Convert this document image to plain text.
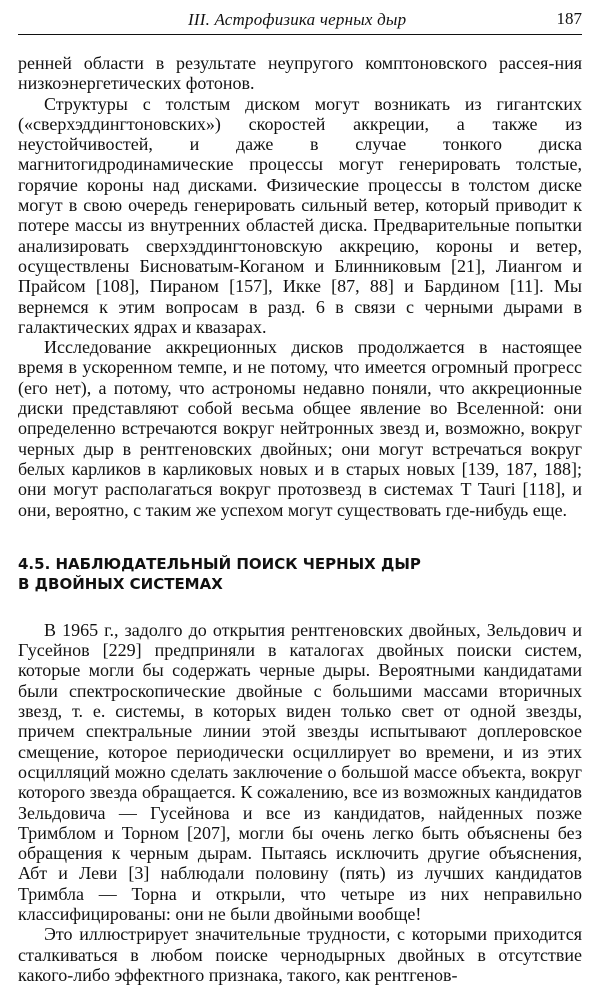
III. Астрофизика черных дыр	187

ренней области в результате неупругого комптоновского рассея-ния низкоэнергетических фотонов.

Структуры с толстым диском могут возникать из гигантских («сверхэддингтоновских») скоростей аккреции, а также из неустойчивостей, и даже в случае тонкого диска магнитогидродинамические процессы могут генерировать толстые, горячие короны над дисками. Физические процессы в толстом диске могут в свою очередь генерировать сильный ветер, который приводит к потере массы из внутренних областей диска. Предварительные попытки анализировать сверхэддингтоновскую аккрецию, короны и ветер, осуществлены Бисноватым-Коганом и Блинниковым [21], Лиангом и Прайсом [108], Пираном [157], Икке [87, 88] и Бардином [11]. Мы вернемся к этим вопросам в разд. 6 в связи с черными дырами в галактических ядрах и квазарах.

Исследование аккреционных дисков продолжается в настоящее время в ускоренном темпе, и не потому, что имеется огромный прогресс (его нет), а потому, что астрономы недавно поняли, что аккреционные диски представляют собой весьма общее явление во Вселенной: они определенно встречаются вокруг нейтронных звезд и, возможно, вокруг черных дыр в рентгеновских двойных; они могут встречаться вокруг белых карликов в карликовых новых и в старых новых [139, 187, 188]; они могут располагаться вокруг протозвезд в системах T Tauri [118], и они, вероятно, с таким же успехом могут существовать где-нибудь еще.

4.5. НАБЛЮДАТЕЛЬНЫЙ ПОИСК ЧЕРНЫХ ДЫР
В ДВОЙНЫХ СИСТЕМАХ

В 1965 г., задолго до открытия рентгеновских двойных, Зельдович и Гусейнов [229] предприняли в каталогах двойных поиски систем, которые могли бы содержать черные дыры. Вероятными кандидатами были спектроскопические двойные с большими массами вторичных звезд, т. е. системы, в которых виден только свет от одной звезды, причем спектральные линии этой звезды испытывают доплеровское смещение, которое периодически осциллирует во времени, и из этих осцилляций можно сделать заключение о большой массе объекта, вокруг которого звезда обращается. К сожалению, все из возможных кандидатов Зельдовича — Гусейнова и все из кандидатов, найденных позже Тримблом и Торном [207], могли бы очень легко быть объяснены без обращения к черным дырам. Пытаясь исключить другие объяснения, Абт и Леви [3] наблюдали половину (пять) из лучших кандидатов Тримбла — Торна и открыли, что четыре из них неправильно классифицированы: они не были двойными вообще!

Это иллюстрирует значительные трудности, с которыми приходится сталкиваться в любом поиске чернодырных двойных в отсутствие какого-либо эффектного признака, такого, как рентгенов-
